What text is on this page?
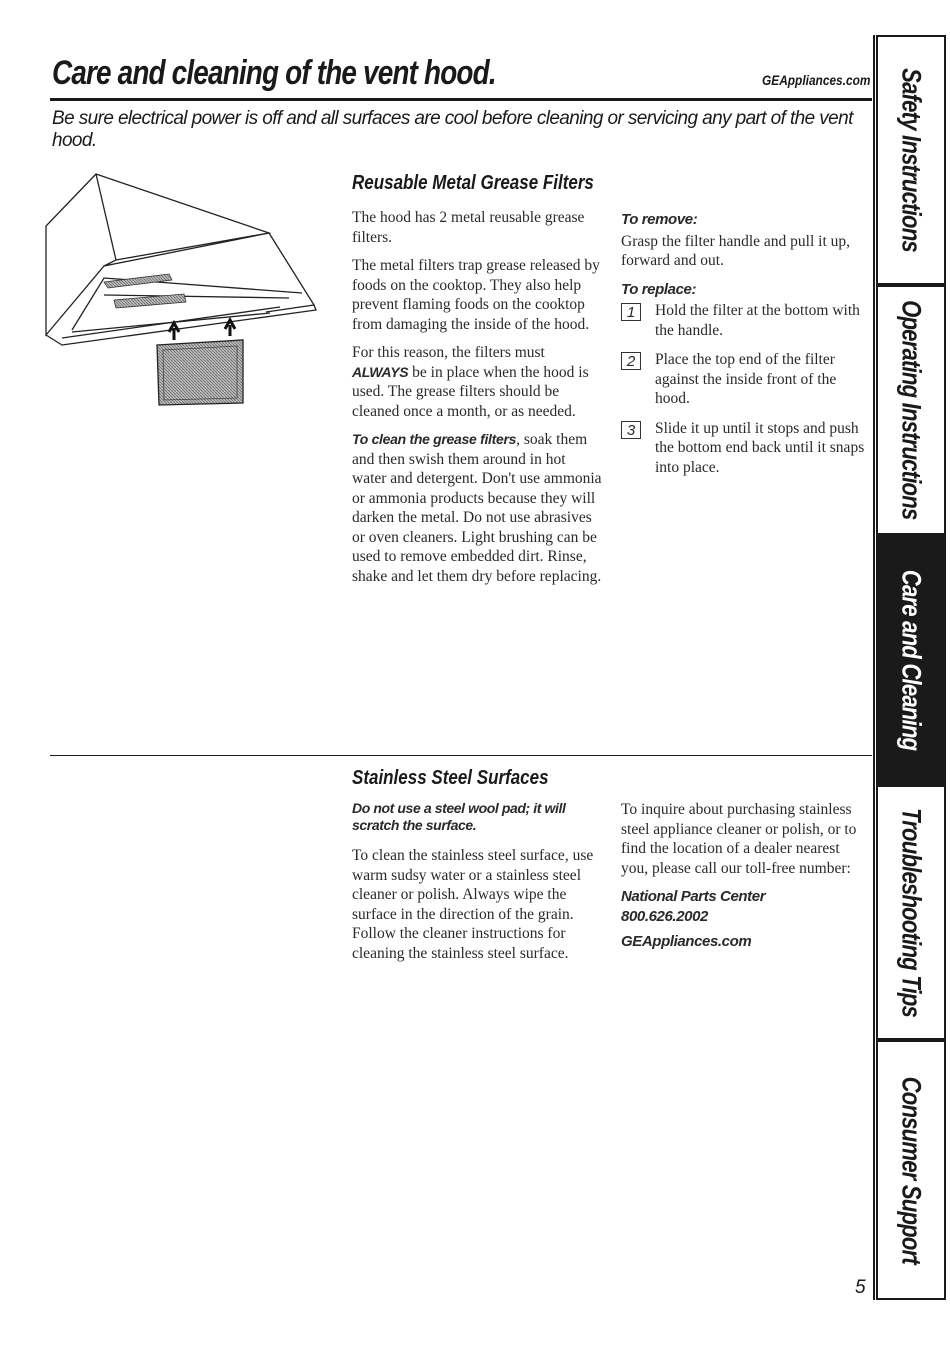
Care and cleaning of the vent hood.	GEAppliances.com
Be sure electrical power is off and all surfaces are cool before cleaning or servicing any part of the vent hood.
Reusable Metal Grease Filters

The hood has 2 metal reusable grease filters.

The metal filters trap grease released by foods on the cooktop. They also help prevent flaming foods on the cooktop from damaging the inside of the hood.

For this reason, the filters must ALWAYS be in place when the hood is used. The grease filters should be cleaned once a month, or as needed.

To clean the grease filters, soak them and then swish them around in hot water and detergent. Don't use ammonia or ammonia products because they will darken the metal. Do not use abrasives or oven cleaners. Light brushing can be used to remove embedded dirt. Rinse, shake and let them dry before replacing.

To remove:

Grasp the filter handle and pull it up, forward and out.

To replace:
1	Hold the filter at the bottom with the handle.
2	Place the top end of the filter against the inside front of the hood.
3	Slide it up until it stops and push the bottom end back until it snaps into place.
Stainless Steel Surfaces
Do not use a steel wool pad; it will scratch the surface.

To clean the stainless steel surface, use warm sudsy water or a stainless steel cleaner or polish. Always wipe the surface in the direction of the grain. Follow the cleaner instructions for cleaning the stainless steel surface.

To inquire about purchasing stainless steel appliance cleaner or polish, or to find the location of a dealer nearest you, please call our toll-free number:

National Parts Center
800.626.2002
GEAppliances.com
Safety Instructions
Operating Instructions
Care and Cleaning
Troubleshooting Tips
Consumer Support
5
